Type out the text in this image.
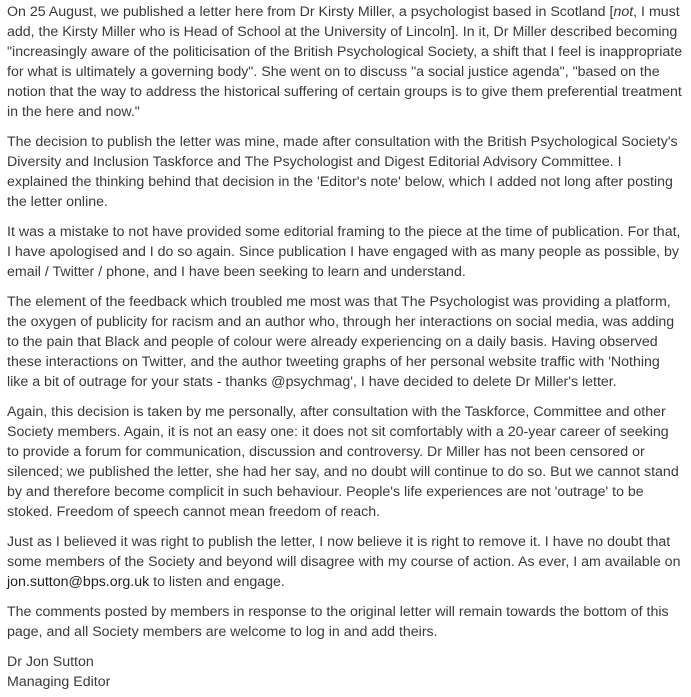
On 25 August, we published a letter here from Dr Kirsty Miller, a psychologist based in Scotland [not, I must add, the Kirsty Miller who is Head of School at the University of Lincoln]. In it, Dr Miller described becoming "increasingly aware of the politicisation of the British Psychological Society, a shift that I feel is inappropriate for what is ultimately a governing body". She went on to discuss "a social justice agenda", "based on the notion that the way to address the historical suffering of certain groups is to give them preferential treatment in the here and now."

The decision to publish the letter was mine, made after consultation with the British Psychological Society's Diversity and Inclusion Taskforce and The Psychologist and Digest Editorial Advisory Committee. I explained the thinking behind that decision in the 'Editor's note' below, which I added not long after posting the letter online.

It was a mistake to not have provided some editorial framing to the piece at the time of publication. For that, I have apologised and I do so again. Since publication I have engaged with as many people as possible, by email / Twitter / phone, and I have been seeking to learn and understand.

The element of the feedback which troubled me most was that The Psychologist was providing a platform, the oxygen of publicity for racism and an author who, through her interactions on social media, was adding to the pain that Black and people of colour were already experiencing on a daily basis. Having observed these interactions on Twitter, and the author tweeting graphs of her personal website traffic with 'Nothing like a bit of outrage for your stats - thanks @psychmag', I have decided to delete Dr Miller's letter.

Again, this decision is taken by me personally, after consultation with the Taskforce, Committee and other Society members. Again, it is not an easy one: it does not sit comfortably with a 20-year career of seeking to provide a forum for communication, discussion and controversy. Dr Miller has not been censored or silenced; we published the letter, she had her say, and no doubt will continue to do so. But we cannot stand by and therefore become complicit in such behaviour. People's life experiences are not 'outrage' to be stoked. Freedom of speech cannot mean freedom of reach.

Just as I believed it was right to publish the letter, I now believe it is right to remove it. I have no doubt that some members of the Society and beyond will disagree with my course of action. As ever, I am available on jon.sutton@bps.org.uk to listen and engage.

The comments posted by members in response to the original letter will remain towards the bottom of this page, and all Society members are welcome to log in and add theirs.

Dr Jon Sutton

Managing Editor
